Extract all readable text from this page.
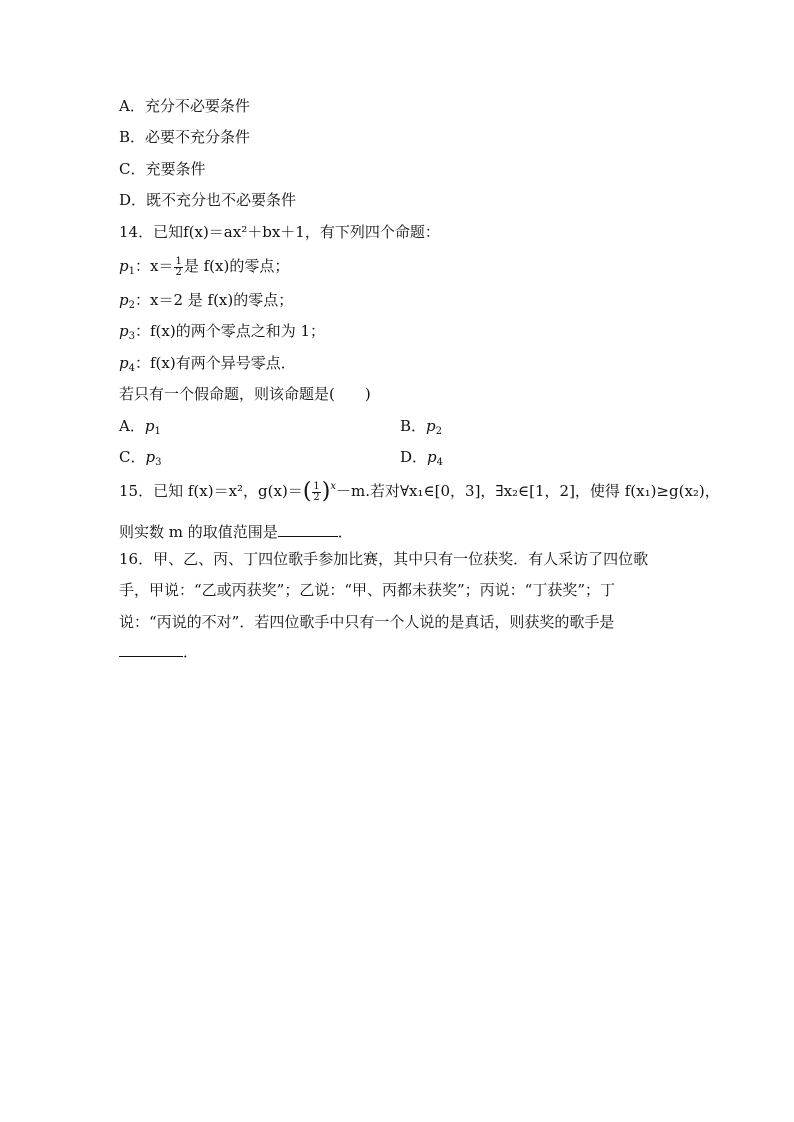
A．充分不必要条件
B．必要不充分条件
C．充要条件
D．既不充分也不必要条件
14．已知f(x)＝ax²＋bx＋1，有下列四个命题：
$p_1$：$x= \frac{1}{2}$ 是 f(x)的零点；
$p_2$：x＝2 是 f(x)的零点；
$p_3$：f(x)的两个零点之和为 1；
$p_4$：f(x)有两个异号零点．
若只有一个假命题，则该命题是(　　)
A．$p_1$	B．$p_2$
C．$p_3$	D．$p_4$
15．已知 f(x)＝x²，$g(x)=( \frac{1}{2} )^x-m$.若对∀x₁∈[0，3]，∃x₂∈[1，2]，使得 f(x₁)≥g(x₂)，
则实数 m 的取值范围是	．
16．甲、乙、丙、丁四位歌手参加比赛，其中只有一位获奖．有人采访了四位歌
手，甲说：“乙或丙获奖”；乙说：“甲、丙都未获奖”；丙说：“丁获奖”；丁
说：“丙说的不对”．若四位歌手中只有一个人说的是真话，则获奖的歌手是
．
